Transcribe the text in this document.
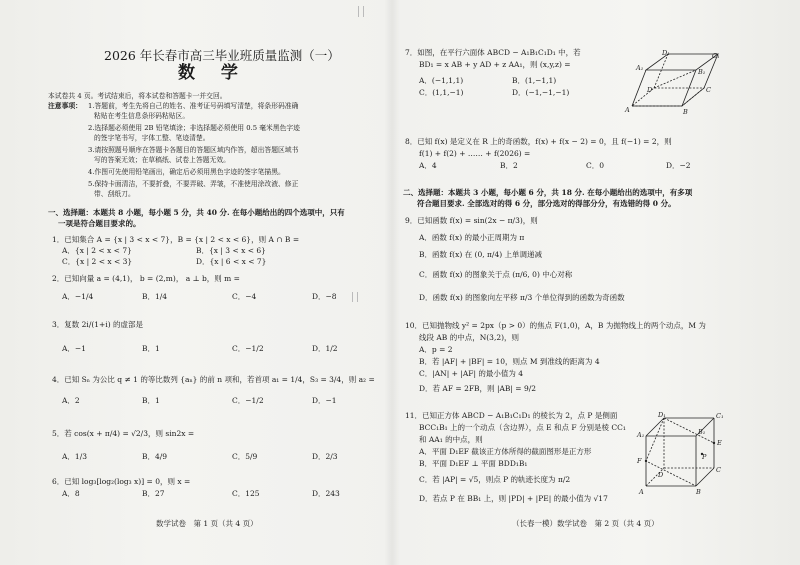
2026 年长春市高三毕业班质量监测（一）
数 学
本试卷共 4 页。考试结束后，将本试卷和答题卡一并交回。
注意事项： 1.答题前，考生先将自己的姓名、准考证号码填写清楚，将条形码准确
粘贴在考生信息条形码粘贴区。
2.选择题必须使用 2B 铅笔填涂；非选择题必须使用 0.5 毫米黑色字迹
的签字笔书写，字体工整、笔迹清楚。
3.请按照题号顺序在答题卡各题目的答题区域内作答，超出答题区域书
写的答案无效；在草稿纸、试卷上答题无效。
4.作图可先使用铅笔画出，确定后必须用黑色字迹的签字笔描黑。
5.保持卡面清洁，不要折叠，不要弄破、弄皱，不准使用涂改液、修正
带、刮纸刀。
一、选择题：本题共 8 小题，每小题 5 分，共 40 分. 在每小题给出的四个选项中，只有
一项是符合题目要求的。
1．已知集合 A = {x | 3 < x < 7}，B = {x | 2 < x < 6}，则 A ∩ B =
A．{x | 2 < x < 7}	B．{x | 3 < x < 6}
C．{x | 2 < x < 3}	D．{x | 6 < x < 7}
2．已知向量 a = (4,1)， b = (2,m)， a ⊥ b，则 m =
A．−1/4	B．1/4	C．−4	D．−8
3．复数 2i/(1+i) 的虚部是
A．−1	B．1	C．−1/2	D．1/2
4．已知 Sₙ 为公比 q ≠ 1 的等比数列 {aₙ} 的前 n 项和，若首项 a₁ = 1/4，S₃ = 3/4，则 a₂ =
A．2	B．1	C．−1/2	D．−1
5．若 cos(x + π/4) = √2/3，则 sin2x =
A．1/3	B．4/9	C．5/9	D．2/3
6．已知 log₃[log₂(log₃ x)] = 0，则 x =
A．8	B．27	C．125	D．243
数学试卷　第 1 页（共 4 页）
7．如图，在平行六面体 ABCD − A₁B₁C₁D₁ 中，若
BD₁ = x AB + y AD + z AA₁，则 (x,y,z) =
A．(−1,1,1)	B．(1,−1,1)
C．(1,1,−1)	D．(−1,−1,−1)
D₁	C₁
A₁	B₁
D	C
A	B
8．已知 f(x) 是定义在 R 上的奇函数，f(x) + f(x − 2) = 0，且 f(−1) = 2，则
f(1) + f(2) + …… + f(2026) =
A．4	B．2	C．0	D．−2
二、选择题：本题共 3 小题，每小题 6 分，共 18 分. 在每小题给出的选项中，有多项
符合题目要求. 全部选对的得 6 分，部分选对的得部分分，有选错的得 0 分。
9．已知函数 f(x) = sin(2x − π/3)，则
A．函数 f(x) 的最小正周期为 π
B．函数 f(x) 在 (0, π/4) 上单调递减
C．函数 f(x) 的图象关于点 (π/6, 0) 中心对称
D．函数 f(x) 的图象向左平移 π/3 个单位得到的函数为奇函数
10．已知抛物线 y² = 2px（p > 0）的焦点 F(1,0)，A，B 为抛物线上的两个动点，M 为
线段 AB 的中点，N(3,2)，则
A．p = 2
B．若 |AF| + |BF| = 10，则点 M 到准线的距离为 4
C．|AN| + |AF| 的最小值为 4
D．若 AF = 2FB，则 |AB| = 9/2
11．已知正方体 ABCD − A₁B₁C₁D₁ 的棱长为 2，点 P 是侧面
BCC₁B₁ 上的一个动点（含边界），点 E 和点 F 分别是棱 CC₁
和 AA₁ 的中点，则
A．平面 D₁EF 截该正方体所得的截面图形是正方形
B．平面 D₁EF ⊥ 平面 BDD₁B₁
C．若 |AP| = √5，则点 P 的轨迹长度为 π/2
D．若点 P 在 BB₁ 上，则 |PD| + |PE| 的最小值为 √17
D₁	C₁
A₁	B₁
E
F	P
D
C
A	B
（长春一模）数学试卷　第 2 页（共 4 页）
